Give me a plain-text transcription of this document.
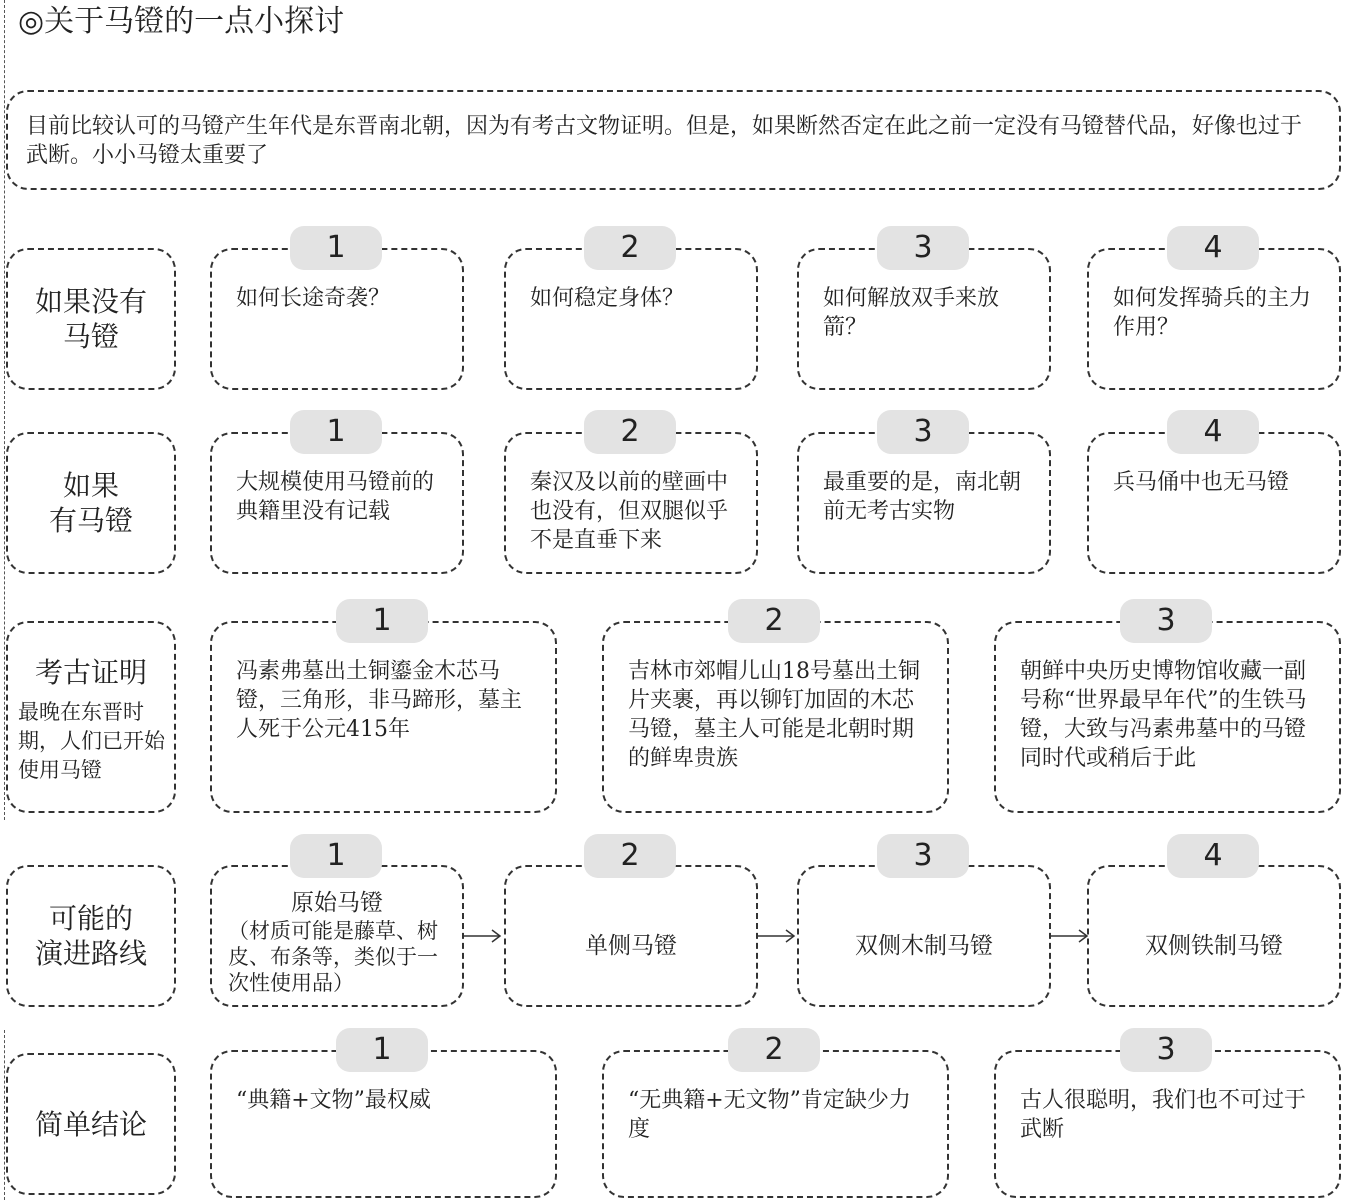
◎关于马镫的一点小探讨
目前比较认可的马镫产生年代是东晋南北朝，因为有考古文物证明。但是，如果断然否定在此之前一定没有马镫替代品，好像也过于武断。小小马镫太重要了
如果没有
马镫
如何长途奇袭？
1
如何稳定身体？
2
如何解放双手来放箭？
3
如何发挥骑兵的主力作用？
4
如果
有马镫
大规模使用马镫前的典籍里没有记载
1
秦汉及以前的壁画中也没有，但双腿似乎不是直垂下来
2
最重要的是，南北朝前无考古实物
3
兵马俑中也无马镫
4
考古证明
最晚在东晋时期，人们已开始使用马镫
冯素弗墓出土铜鎏金木芯马镫，三角形，非马蹄形，墓主人死于公元415年
1
吉林市郊帽儿山18号墓出土铜片夹裹，再以铆钉加固的木芯马镫，墓主人可能是北朝时期的鲜卑贵族
2
朝鲜中央历史博物馆收藏一副号称“世界最早年代”的生铁马镫，大致与冯素弗墓中的马镫同时代或稍后于此
3
可能的
演进路线
原始马镫
（材质可能是藤草、树皮、布条等，类似于一次性使用品）
1
单侧马镫
2
双侧木制马镫
3
双侧铁制马镫
4
简单结论
“典籍+文物”最权威
1
“无典籍+无文物”肯定缺少力度
2
古人很聪明，我们也不可过于武断
3
